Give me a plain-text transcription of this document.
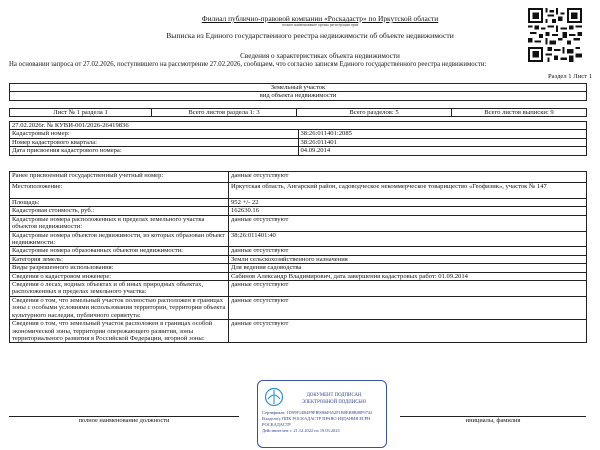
Филиал публично-правовой компании «Роскадастр» по Иркутской области
полное наименование органа регистрации прав
Выписка из Единого государственного реестра недвижимости об объекте недвижимости
Сведения о характеристиках объекта недвижимости
На основании запроса от 27.02.2026, поступившего на рассмотрение 27.02.2026, сообщаем, что согласно записям Единого государственного реестра недвижимости:
Раздел 1 Лист 1
Земельный участок
вид объекта недвижимости
Лист № 1 раздела 1	Всего листов раздела 1: 3	Всего разделов: 5	Всего листов выписки: 9
27.02.2026г. № КУВИ-001/2026-26419836	
Кадастровый номер:	38:26:011401:2085
Номер кадастрового квартала:	38:26:011401
Дата присвоения кадастрового номера:	04.09.2014
Ранее присвоенный государственный учетный номер:	данные отсутствуют
Местоположение:	Иркутская область, Ангарский район, садоводческое некоммерческое товарищество «Геофизик», участок № 147
Площадь:	952 +/- 22
Кадастровая стоимость, руб.:	162630.16
Кадастровые номера расположенных в пределах земельного участка объектов недвижимости:	данные отсутствуют
Кадастровые номера объектов недвижимости, из которых образован объект недвижимости:	38:26:011401:40
Кадастровые номера образованных объектов недвижимости:	данные отсутствуют
Категория земель:	Земли сельскохозяйственного назначения
Виды разрешенного использования:	Для ведения садоводства
Сведения о кадастровом инженере:	Сабинов Александр Владимирович, дата завершения кадастровых работ: 01.09.2014
Сведения о лесах, водных объектах и об иных природных объектах, расположенных в пределах земельного участка:	данные отсутствуют
Сведения о том, что земельный участок полностью расположен в границах зоны с особыми условиями использования территории, территории объекта культурного наследия, публичного сервитута:	данные отсутствуют
Сведения о том, что земельный участок расположен в границах особой экономической зоны, территории опережающего развития, зоны территориального развития в Российской Федерации, игорной зоны:	данные отсутствуют
полное наименование должности	инициалы, фамилия
ДОКУМЕНТ ПОДПИСАН
ЭЛЕКТРОННОЙ ПОДПИСЬЮ
Сертификат: 1D99F14B4F9FB9066F652F1B0EB8B08F9742
Владелец: ППК РОСКАДАСТР ПРАВО ИЗДАНИЯ ЕГРН
РОСКАДАСТР
Действителен: с 21.12.2022 по 19.03.2023
